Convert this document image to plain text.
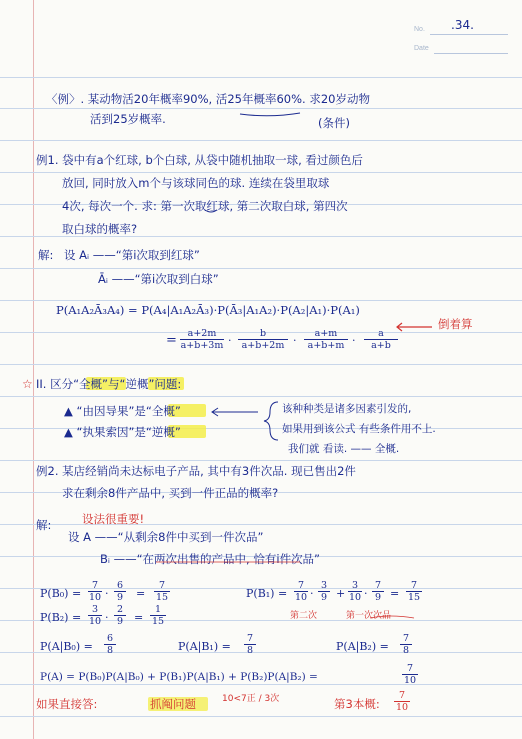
No. .34.
Date
〈例〉. 某动物活20年概率90%, 活25年概率60%. 求20岁动物
活到25岁概率.	(条件)
例1. 袋中有a个红球, b个白球, 从袋中随机抽取一球, 看过颜色后
放回, 同时放入m个与该球同色的球. 连续在袋里取球
4次, 每次一个. 求: 第一次取红球, 第二次取白球, 第四次
取白球的概率?
解: 设 Aᵢ ——“第i次取到红球”
Āᵢ ——“第i次取到白球”
P(A₁A₂Ā₃A₄) = P(A₄|A₁A₂Ā₃)·P(Ā₃|A₁A₂)·P(A₂|A₁)·P(A₁)
= $\frac{a+2m}{a+b+3m} \cdot \frac{b}{a+b+2m} \cdot \frac{a+m}{a+b+m} \cdot \frac{a}{a+b}$
倒着算
☆ II. 区分“全概”与“逆概”问题:
▲ “由因导果”是“全概”
▲ “执果索因”是“逆概”
该种种类是诸多因素引发的,
如果用到该公式 有些条件用不上.
我们就 看读. —— 全概.
例2. 某店经销尚未达标电子产品, 其中有3件次品. 现已售出2件
求在剩余8件产品中, 买到一件正品的概率?
解:	设法很重要!
设 A ——“从剩余8件中买到一件次品”
Bᵢ ——“在两次出售的产品中, 恰有i件次品”
$P(B_0) = \frac{7}{10} \cdot \frac{6}{9} = \frac{7}{15}$	$P(B_1) = \frac{7}{10} \cdot \frac{3}{9} + \frac{3}{10} \cdot \frac{7}{9} = \frac{7}{15}$
第二次	第一次次品
$P(B_2) = \frac{3}{10} \cdot \frac{2}{9} = \frac{1}{15}$
$P(A|B_0) = \frac{6}{8}$	$P(A|B_1) = \frac{7}{8}$	$P(A|B_2) = \frac{7}{8}$
P(A) = P(B₀)P(A|B₀) + P(B₁)P(A|B₁) + P(B₂)P(A|B₂) =	$\frac{7}{10}$
如果直接答:	抓阄问题	10<7正 / 3次	第3本概: $\frac{7}{10}$
